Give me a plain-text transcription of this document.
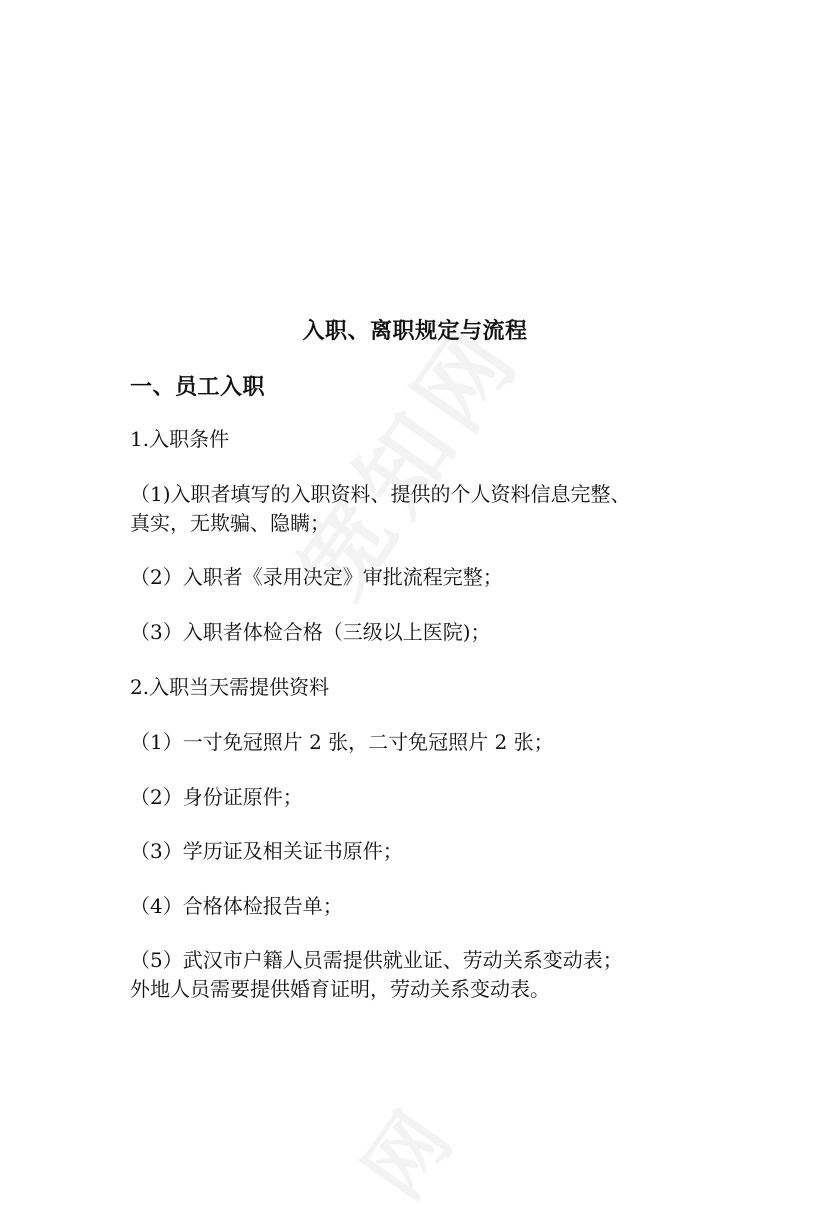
入职、离职规定与流程
一、员工入职
1.入职条件
（1)入职者填写的入职资料、提供的个人资料信息完整、
真实，无欺骗、隐瞒；
（2）入职者《录用决定》审批流程完整；
（3）入职者体检合格（三级以上医院)；
2.入职当天需提供资料
（1）一寸免冠照片 2 张，二寸免冠照片 2 张；
（2）身份证原件；
（3）学历证及相关证书原件；
（4）合格体检报告单；
（5）武汉市户籍人员需提供就业证、劳动关系变动表；
外地人员需要提供婚育证明，劳动关系变动表。
